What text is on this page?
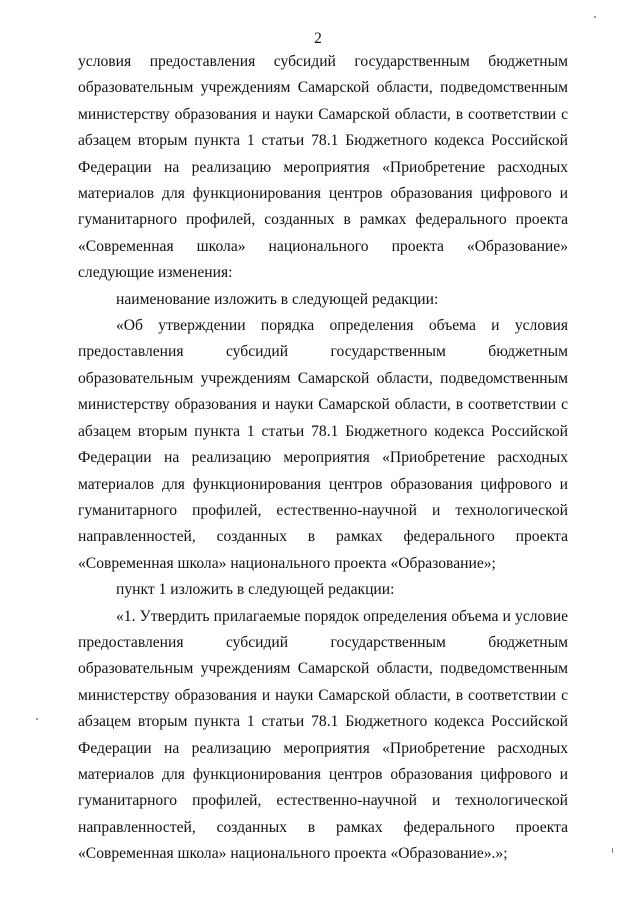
2

условия предоставления субсидий государственным бюджетным образовательным учреждениям Самарской области, подведомственным министерству образования и науки Самарской области, в соответствии с абзацем вторым пункта 1 статьи 78.1 Бюджетного кодекса Российской Федерации на реализацию мероприятия «Приобретение расходных материалов для функционирования центров образования цифрового и гуманитарного профилей, созданных в рамках федерального проекта «Современная школа» национального проекта «Образование» следующие изменения:

наименование изложить в следующей редакции:

«Об утверждении порядка определения объема и условия предоставления субсидий государственным бюджетным образовательным учреждениям Самарской области, подведомственным министерству образования и науки Самарской области, в соответствии с абзацем вторым пункта 1 статьи 78.1 Бюджетного кодекса Российской Федерации на реализацию мероприятия «Приобретение расходных материалов для функционирования центров образования цифрового и гуманитарного профилей, естественно-научной и технологической направленностей, созданных в рамках федерального проекта «Современная школа» национального проекта «Образование»;

пункт 1 изложить в следующей редакции:

«1. Утвердить прилагаемые порядок определения объема и условие предоставления субсидий государственным бюджетным образовательным учреждениям Самарской области, подведомственным министерству образования и науки Самарской области, в соответствии с абзацем вторым пункта 1 статьи 78.1 Бюджетного кодекса Российской Федерации на реализацию мероприятия «Приобретение расходных материалов для функционирования центров образования цифрового и гуманитарного профилей, естественно-научной и технологической направленностей, созданных в рамках федерального проекта «Современная школа» национального проекта «Образование».»;
